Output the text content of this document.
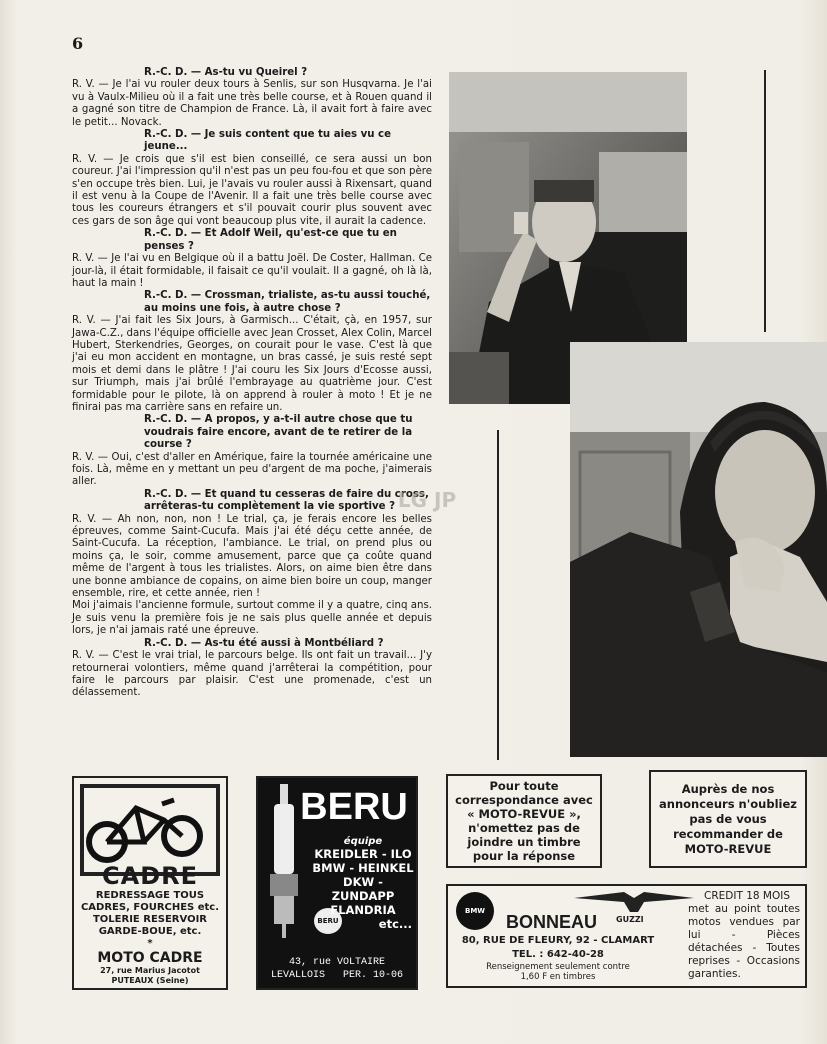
6

R.-C. D. — As-tu vu Queirel ?

R. V. — Je l'ai vu rouler deux tours à Senlis, sur son Husqvarna. Je l'ai vu à Vaulx-Milieu où il a fait une très belle course, et à Rouen quand il a gagné son titre de Champion de France. Là, il avait fort à faire avec le petit... Novack.

R.-C. D. — Je suis content que tu aies vu ce jeune...

R. V. — Je crois que s'il est bien conseillé, ce sera aussi un bon coureur. J'ai l'impression qu'il n'est pas un peu fou-fou et que son père s'en occupe très bien. Lui, je l'avais vu rouler aussi à Rixensart, quand il est venu à la Coupe de l'Avenir. Il a fait une très belle course avec tous les coureurs étrangers et s'il pouvait courir plus souvent avec ces gars de son âge qui vont beaucoup plus vite, il aurait la cadence.

R.-C. D. — Et Adolf Weil, qu'est-ce que tu en penses ?

R. V. — Je l'ai vu en Belgique où il a battu Joël. De Coster, Hallman. Ce jour-là, il était formidable, il faisait ce qu'il voulait. Il a gagné, oh là là, haut la main !

R.-C. D. — Crossman, trialiste, as-tu aussi touché, au moins une fois, à autre chose ?

R. V. — J'ai fait les Six Jours, à Garmisch... C'était, çà, en 1957, sur Jawa-C.Z., dans l'équipe officielle avec Jean Crosset, Alex Colin, Marcel Hubert, Sterkendries, Georges, on courait pour le vase. C'est là que j'ai eu mon accident en montagne, un bras cassé, je suis resté sept mois et demi dans le plâtre ! J'ai couru les Six Jours d'Ecosse aussi, sur Triumph, mais j'ai brûlé l'embrayage au quatrième jour. C'est formidable pour le pilote, là on apprend à rouler à moto ! Et je ne finirai pas ma carrière sans en refaire un.

R.-C. D. — A propos, y a-t-il autre chose que tu voudrais faire encore, avant de te retirer de la course ?

R. V. — Oui, c'est d'aller en Amérique, faire la tournée américaine une fois. Là, même en y mettant un peu d'argent de ma poche, j'aimerais aller.

R.-C. D. — Et quand tu cesseras de faire du cross, arrêteras-tu complètement la vie sportive ?

R. V. — Ah non, non, non ! Le trial, ça, je ferais encore les belles épreuves, comme Saint-Cucufa. Mais j'ai été déçu cette année, de Saint-Cucufa. La réception, l'ambiance. Le trial, on prend plus ou moins ça, le soir, comme amusement, parce que ça coûte quand même de l'argent à tous les trialistes. Alors, on aime bien être dans une bonne ambiance de copains, on aime bien boire un coup, manger ensemble, rire, et cette année, rien !

Moi j'aimais l'ancienne formule, surtout comme il y a quatre, cinq ans. Je suis venu la première fois je ne sais plus quelle année et depuis lors, je n'ai jamais raté une épreuve.

R.-C. D. — As-tu été aussi à Montbéliard ?

R. V. — C'est le vrai trial, le parcours belge. Ils ont fait un travail... J'y retournerai volontiers, même quand j'arrêterai la compétition, pour faire le parcours par plaisir. C'est une promenade, c'est un délassement.

LG JP
CADRE
REDRESSAGE TOUS
CADRES, FOURCHES etc.
TOLERIE RESERVOIR
GARDE-BOUE, etc.
*
MOTO CADRE
27, rue Marius Jacotot
PUTEAUX (Seine)
BERU
BERU
équipe
KREIDLER - ILO
BMW - HEINKEL
DKW - ZUNDAPP
FLANDRIA
etc...
43, rue VOLTAIRE
LEVALLOIS PER. 10-06
Pour toute correspondance avec « MOTO-REVUE », n'omettez pas de joindre un timbre pour la réponse
Auprès de nos annonceurs n'oubliez pas de vous recommander de MOTO-REVUE
BMW
BONNEAU GUZZI
80, RUE DE FLEURY, 92 - CLAMART
TEL. : 642-40-28
Renseignement seulement contre
1,60 F en timbres
CREDIT 18 MOIS
met au point toutes motos vendues par lui - Pièces détachées - Toutes reprises - Occasions garanties.
